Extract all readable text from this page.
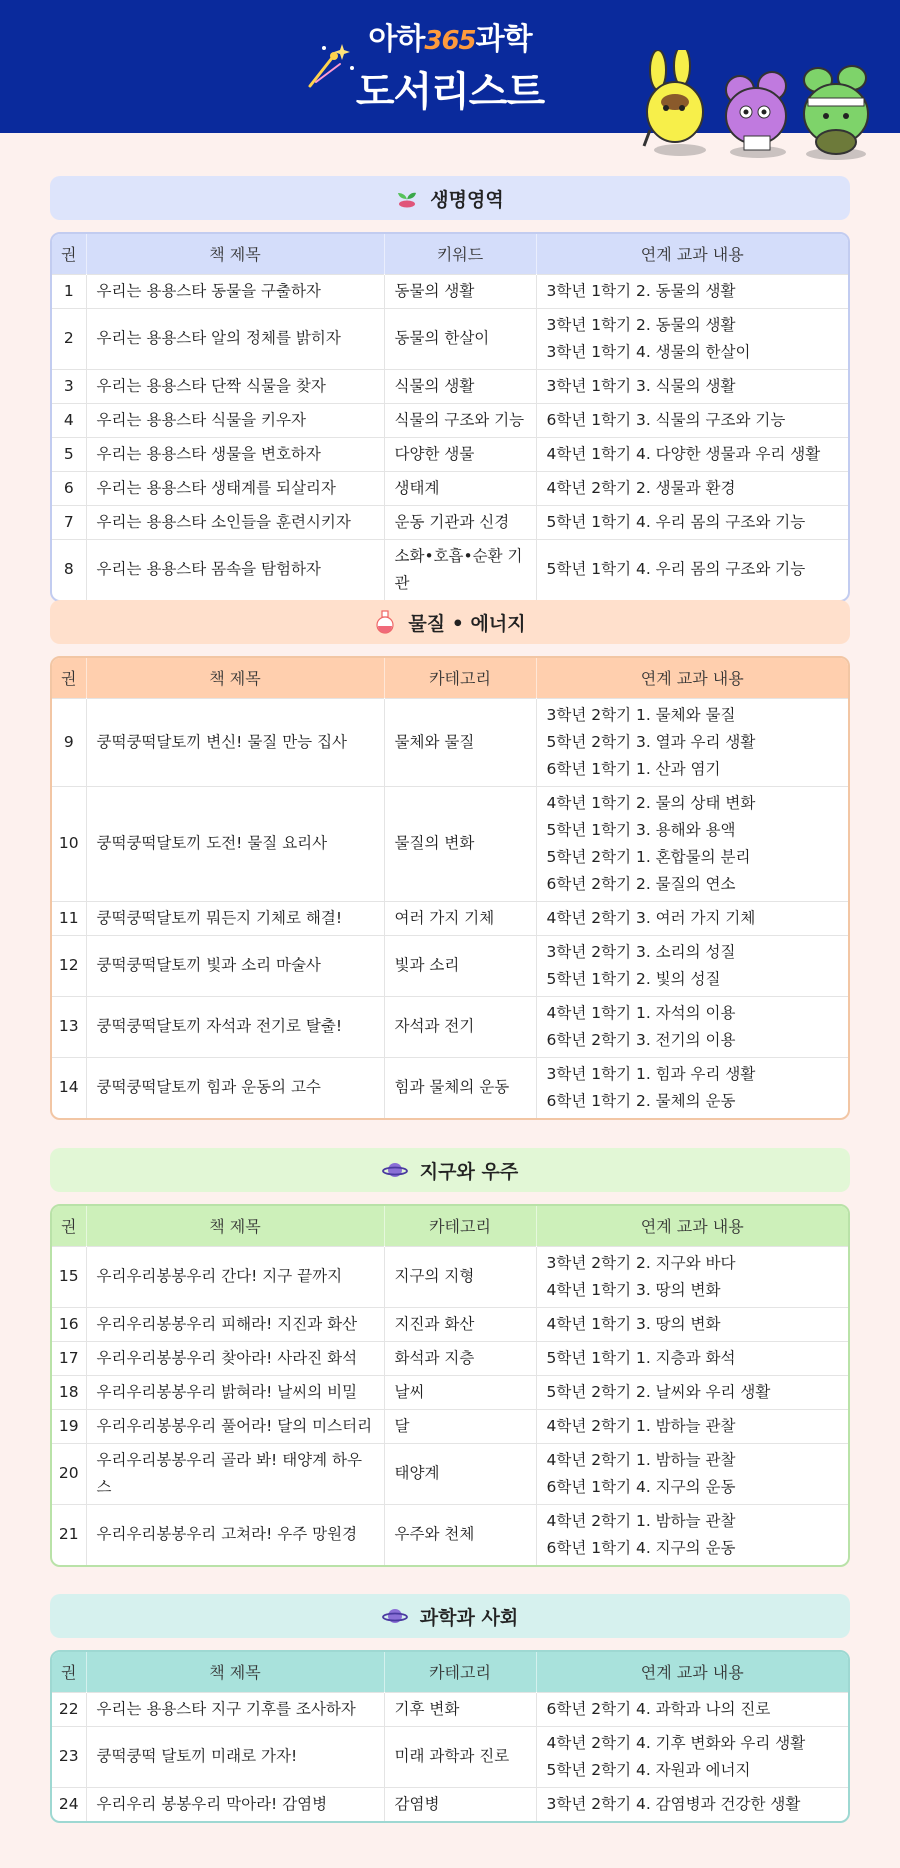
아하365과학
도서리스트
생명영역
권	책 제목	키워드	연계 교과 내용
1	우리는 용용스타 동물을 구출하자	동물의 생활	3학년 1학기 2. 동물의 생활

2	우리는 용용스타 알의 정체를 밝히자	동물의 한살이	3학년 1학기 2. 동물의 생활
3학년 1학기 4. 생물의 한살이

3	우리는 용용스타 단짝 식물을 찾자	식물의 생활	3학년 1학기 3. 식물의 생활

4	우리는 용용스타 식물을 키우자	식물의 구조와 기능	6학년 1학기 3. 식물의 구조와 기능

5	우리는 용용스타 생물을 변호하자	다양한 생물	4학년 1학기 4. 다양한 생물과 우리 생활

6	우리는 용용스타 생태계를 되살리자	생태계	4학년 2학기 2. 생물과 환경

7	우리는 용용스타 소인들을 훈련시키자	운동 기관과 신경	5학년 1학기 4. 우리 몸의 구조와 기능

8	우리는 용용스타 몸속을 탐험하자	소화•호흡•순환 기관	5학년 1학기 4. 우리 몸의 구조와 기능
물질 • 에너지
권	책 제목	카테고리	연계 교과 내용
9	쿵떡쿵떡달토끼 변신! 물질 만능 집사	물체와 물질	3학년 2학기 1. 물체와 물질
5학년 2학기 3. 열과 우리 생활
6학년 1학기 1. 산과 염기

10	쿵떡쿵떡달토끼 도전! 물질 요리사	물질의 변화	4학년 1학기 2. 물의 상태 변화
5학년 1학기 3. 용해와 용액
5학년 2학기 1. 혼합물의 분리
6학년 2학기 2. 물질의 연소

11	쿵떡쿵떡달토끼 뭐든지 기체로 해결!	여러 가지 기체	4학년 2학기 3. 여러 가지 기체

12	쿵떡쿵떡달토끼 빛과 소리 마술사	빛과 소리	3학년 2학기 3. 소리의 성질
5학년 1학기 2. 빛의 성질

13	쿵떡쿵떡달토끼 자석과 전기로 탈출!	자석과 전기	4학년 1학기 1. 자석의 이용
6학년 2학기 3. 전기의 이용

14	쿵떡쿵떡달토끼 힘과 운동의 고수	힘과 물체의 운동	3학년 1학기 1. 힘과 우리 생활
6학년 1학기 2. 물체의 운동
지구와 우주
권	책 제목	카테고리	연계 교과 내용
15	우리우리봉봉우리 간다! 지구 끝까지	지구의 지형	3학년 2학기 2. 지구와 바다
4학년 1학기 3. 땅의 변화

16	우리우리봉봉우리 피해라! 지진과 화산	지진과 화산	4학년 1학기 3. 땅의 변화

17	우리우리봉봉우리 찾아라! 사라진 화석	화석과 지층	5학년 1학기 1. 지층과 화석

18	우리우리봉봉우리 밝혀라! 날씨의 비밀	날씨	5학년 2학기 2. 날씨와 우리 생활

19	우리우리봉봉우리 풀어라! 달의 미스터리	달	4학년 2학기 1. 밤하늘 관찰

20	우리우리봉봉우리 골라 봐! 태양계 하우스	태양계	4학년 2학기 1. 밤하늘 관찰
6학년 1학기 4. 지구의 운동

21	우리우리봉봉우리 고쳐라! 우주 망원경	우주와 천체	4학년 2학기 1. 밤하늘 관찰
6학년 1학기 4. 지구의 운동
과학과 사회
권	책 제목	카테고리	연계 교과 내용
22	우리는 용용스타 지구 기후를 조사하자	기후 변화	6학년 2학기 4. 과학과 나의 진로

23	쿵떡쿵떡 달토끼 미래로 가자!	미래 과학과 진로	4학년 2학기 4. 기후 변화와 우리 생활
5학년 2학기 4. 자원과 에너지

24	우리우리 봉봉우리 막아라! 감염병	감염병	3학년 2학기 4. 감염병과 건강한 생활
